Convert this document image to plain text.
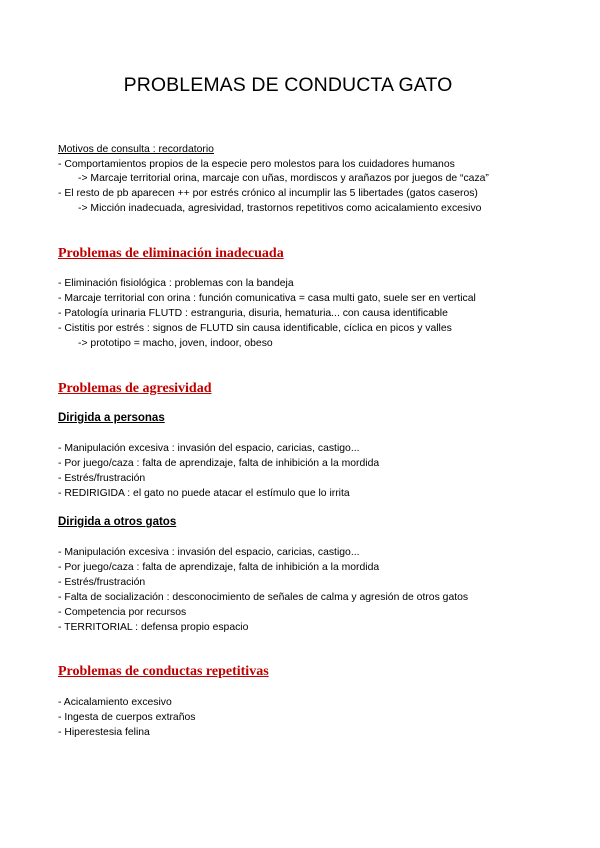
PROBLEMAS DE CONDUCTA GATO
Motivos de consulta : recordatorio
- Comportamientos propios de la especie pero molestos para los cuidadores humanos
-> Marcaje territorial orina, marcaje con uñas, mordiscos y arañazos por juegos de “caza”
- El resto de pb aparecen ++ por estrés crónico al incumplir las 5 libertades (gatos caseros)
-> Micción inadecuada, agresividad, trastornos repetitivos como acicalamiento excesivo
Problemas de eliminación inadecuada
- Eliminación fisiológica : problemas con la bandeja
- Marcaje territorial con orina : función comunicativa = casa multi gato, suele ser en vertical
- Patología urinaria FLUTD : estranguria, disuria, hematuria... con causa identificable
- Cistitis por estrés : signos de FLUTD sin causa identificable, cíclica en picos y valles
-> prototipo = macho, joven, indoor, obeso
Problemas de agresividad
Dirigida a personas
- Manipulación excesiva : invasión del espacio, caricias, castigo...
- Por juego/caza : falta de aprendizaje, falta de inhibición a la mordida
- Estrés/frustración
- REDIRIGIDA : el gato no puede atacar el estímulo que lo irrita
Dirigida a otros gatos
- Manipulación excesiva : invasión del espacio, caricias, castigo...
- Por juego/caza : falta de aprendizaje, falta de inhibición a la mordida
- Estrés/frustración
- Falta de socialización : desconocimiento de señales de calma y agresión de otros gatos
- Competencia por recursos
- TERRITORIAL : defensa propio espacio
Problemas de conductas repetitivas
- Acicalamiento excesivo
- Ingesta de cuerpos extraños
- Hiperestesia felina
